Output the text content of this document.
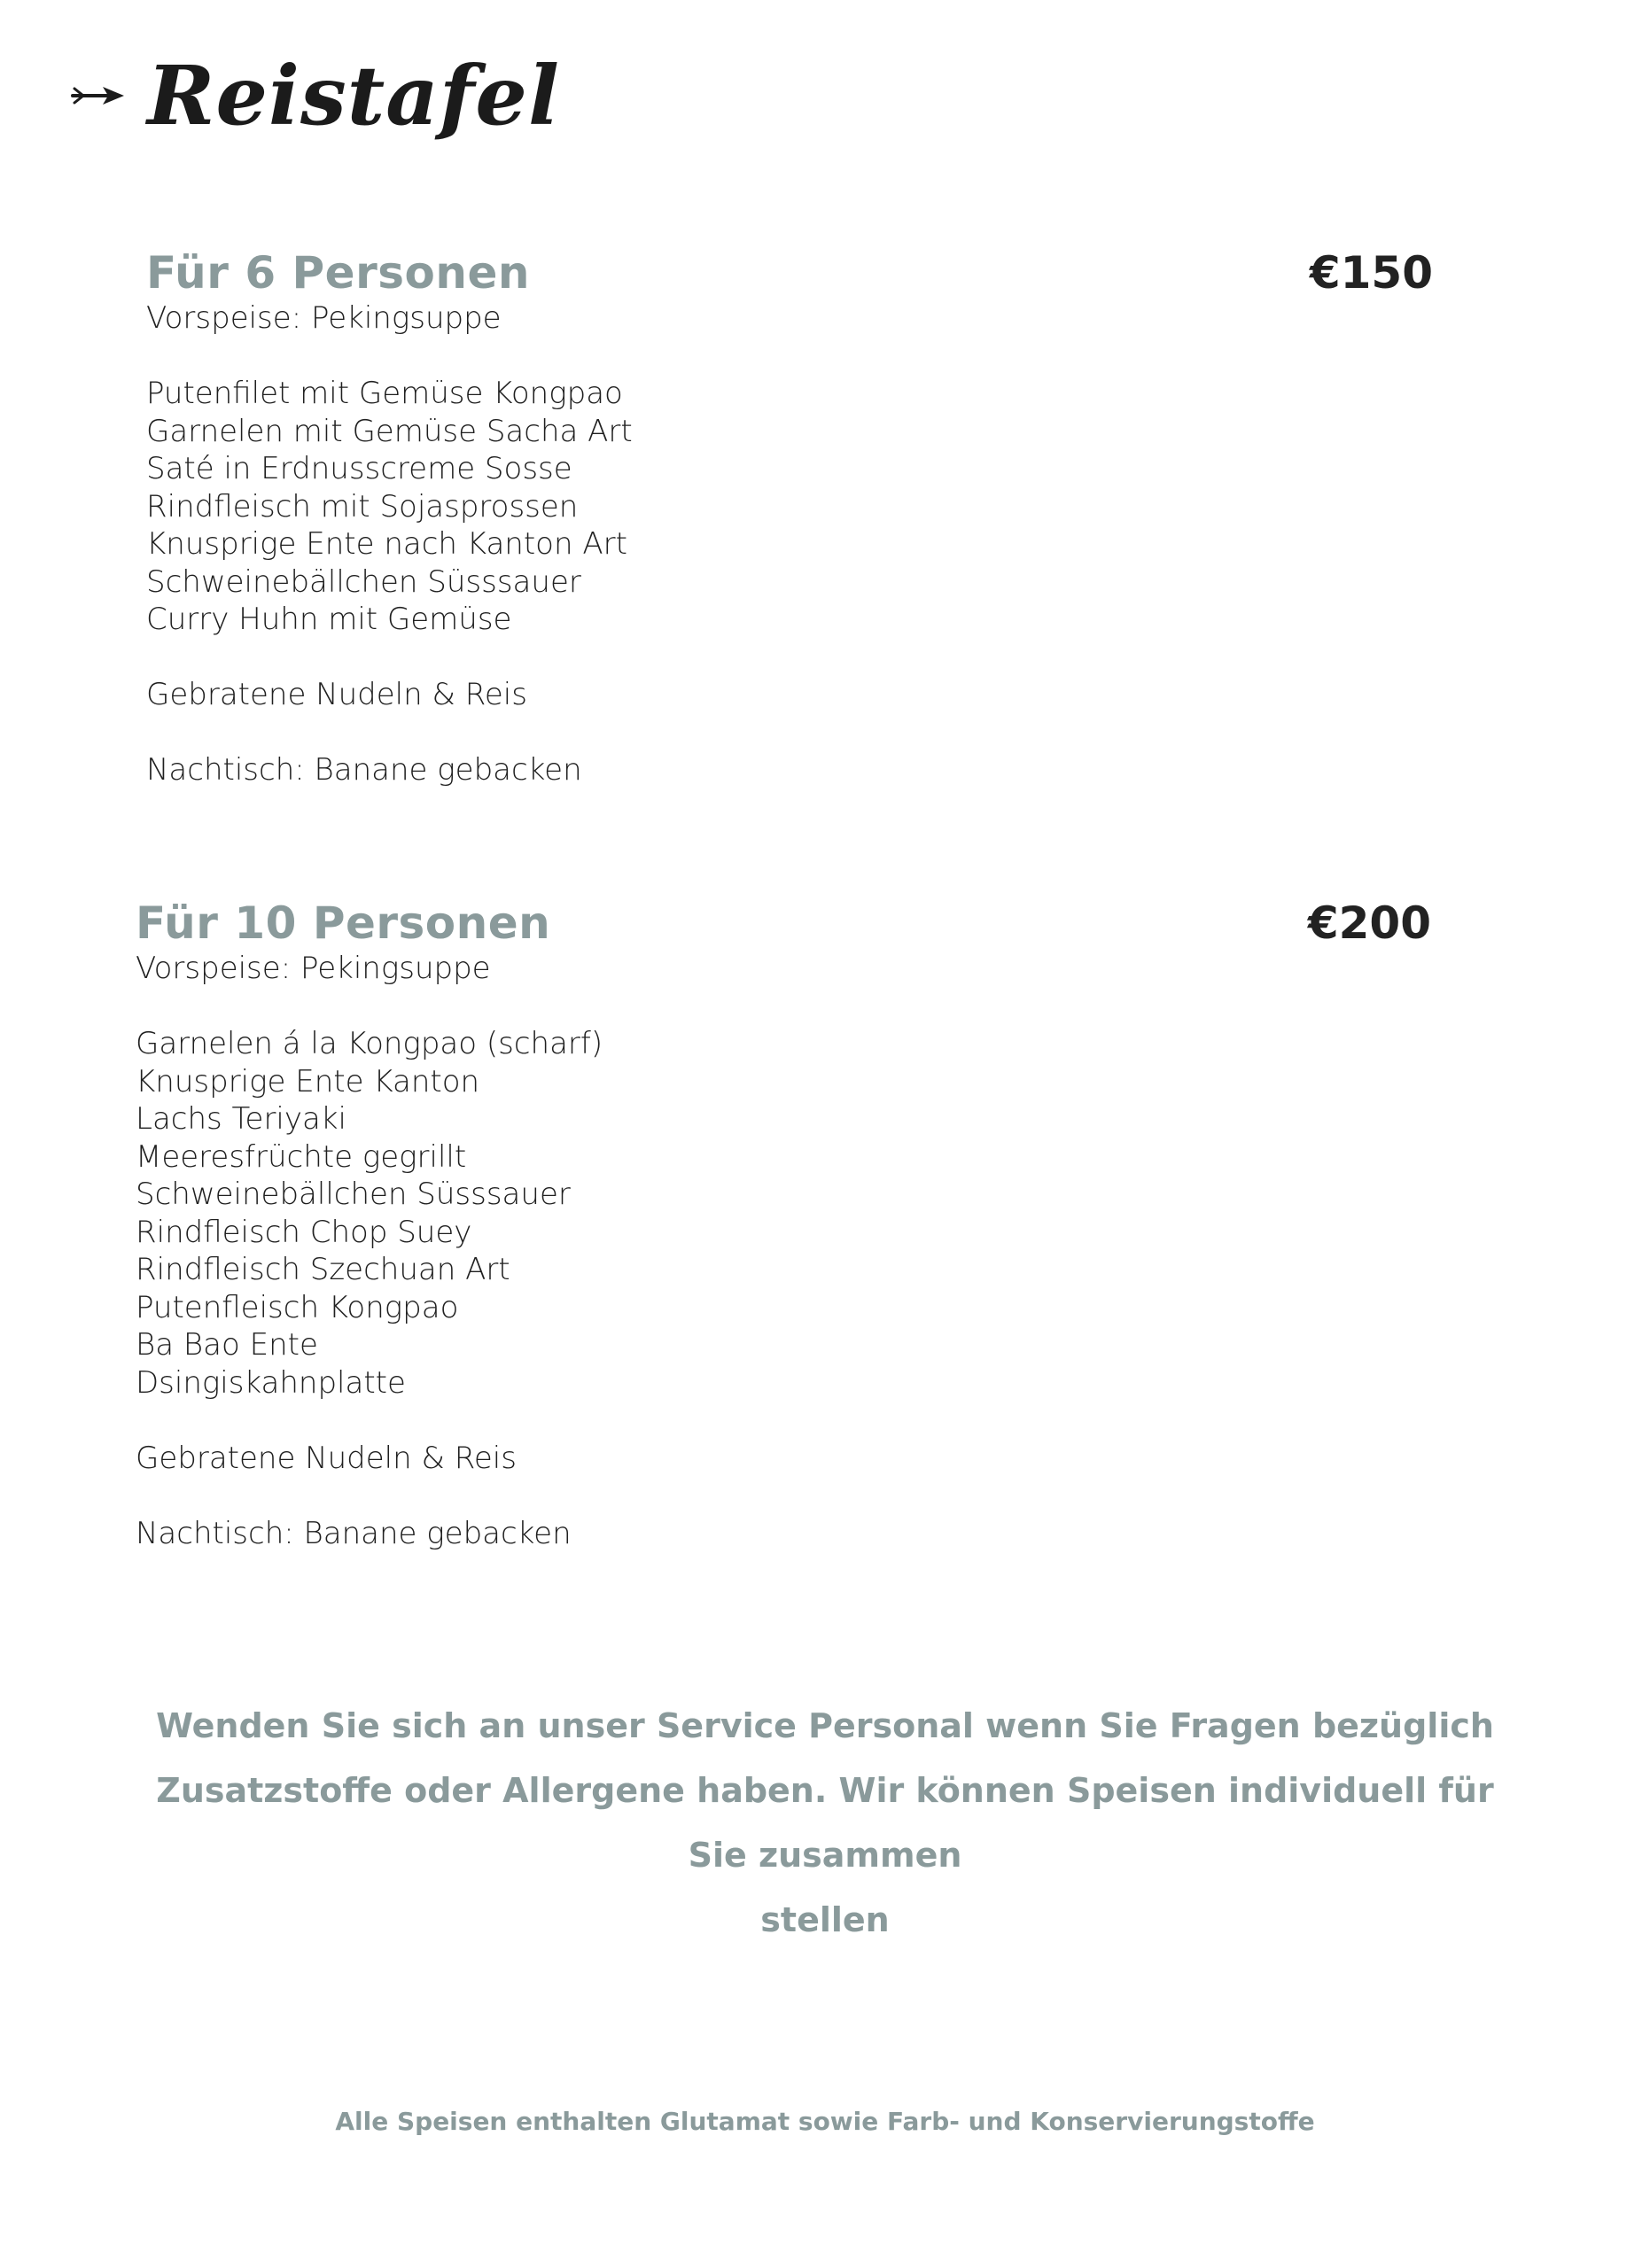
Reistafel
Für 6 Personen	€150
Vorspeise: Pekingsuppe
Putenfilet mit Gemüse Kongpao
Garnelen mit Gemüse Sacha Art
Saté in Erdnusscreme Sosse
Rindfleisch mit Sojasprossen
Knusprige Ente nach Kanton Art
Schweinebällchen Süsssauer
Curry Huhn mit Gemüse
Gebratene Nudeln & Reis
Nachtisch: Banane gebacken
Für 10 Personen	€200
Vorspeise: Pekingsuppe
Garnelen á la Kongpao (scharf)
Knusprige Ente Kanton
Lachs Teriyaki
Meeresfrüchte gegrillt
Schweinebällchen Süsssauer
Rindfleisch Chop Suey
Rindfleisch Szechuan Art
Putenfleisch Kongpao
Ba Bao Ente
Dsingiskahnplatte
Gebratene Nudeln & Reis
Nachtisch: Banane gebacken
Wenden Sie sich an unser Service Personal wenn Sie Fragen bezüglich
Zusatzstoffe oder Allergene haben. Wir können Speisen individuell für Sie zusammen
stellen
Alle Speisen enthalten Glutamat sowie Farb- und Konservierungstoffe
